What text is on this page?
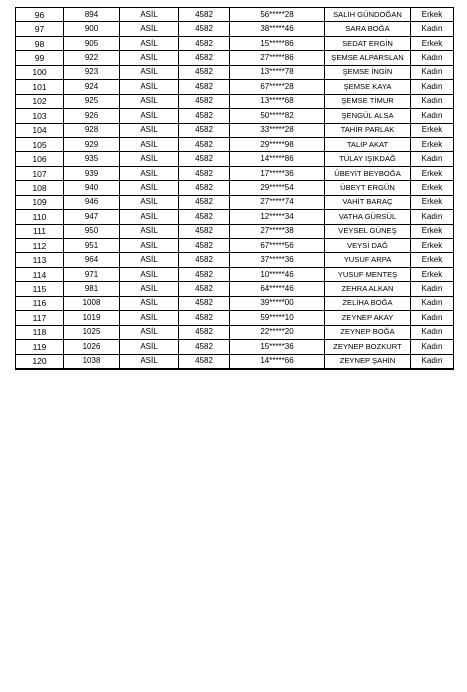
96	894	ASİL	4582	56*****28	SALİH GÜNDOĞAN	Erkek
97	900	ASİL	4582	38*****46	SARA BOĞA	Kadın
98	905	ASİL	4582	15*****86	SEDAT ERGİN	Erkek
99	922	ASİL	4582	27*****86	ŞEMSE ALPARSLAN	Kadın
100	923	ASİL	4582	13*****78	ŞEMSE İNGİN	Kadın
101	924	ASİL	4582	67*****28	ŞEMSE KAYA	Kadın
102	925	ASİL	4582	13*****68	ŞEMSE TİMUR	Kadın
103	926	ASİL	4582	50*****82	ŞENGÜL ALSA	Kadın
104	928	ASİL	4582	33*****28	TAHİR PARLAK	Erkek
105	929	ASİL	4582	29*****98	TALİP AKAT	Erkek
106	935	ASİL	4582	14*****86	TÜLAY IŞIKDAĞ	Kadın
107	939	ASİL	4582	17*****36	ÜBEYİT BEYBOĞA	Erkek
108	940	ASİL	4582	29*****54	ÜBEYT ERGÜN	Erkek
109	946	ASİL	4582	27*****74	VAHİT BARAÇ	Erkek
110	947	ASİL	4582	12*****34	VATHA GÜRSÜL	Kadın
111	950	ASİL	4582	27*****38	VEYSEL GÜNEŞ	Erkek
112	951	ASİL	4582	67*****56	VEYSİ DAĞ	Erkek
113	964	ASİL	4582	37*****36	YUSUF ARPA	Erkek
114	971	ASİL	4582	10*****46	YUSUF MENTEŞ	Erkek
115	981	ASİL	4582	64*****46	ZEHRA ALKAN	Kadın
116	1008	ASİL	4582	39*****00	ZELİHA BOĞA	Kadın
117	1019	ASİL	4582	59*****10	ZEYNEP AKAY	Kadın
118	1025	ASİL	4582	22*****20	ZEYNEP BOĞA	Kadın
119	1026	ASİL	4582	15*****36	ZEYNEP BOZKURT	Kadın
120	1038	ASİL	4582	14*****66	ZEYNEP ŞAHİN	Kadın
